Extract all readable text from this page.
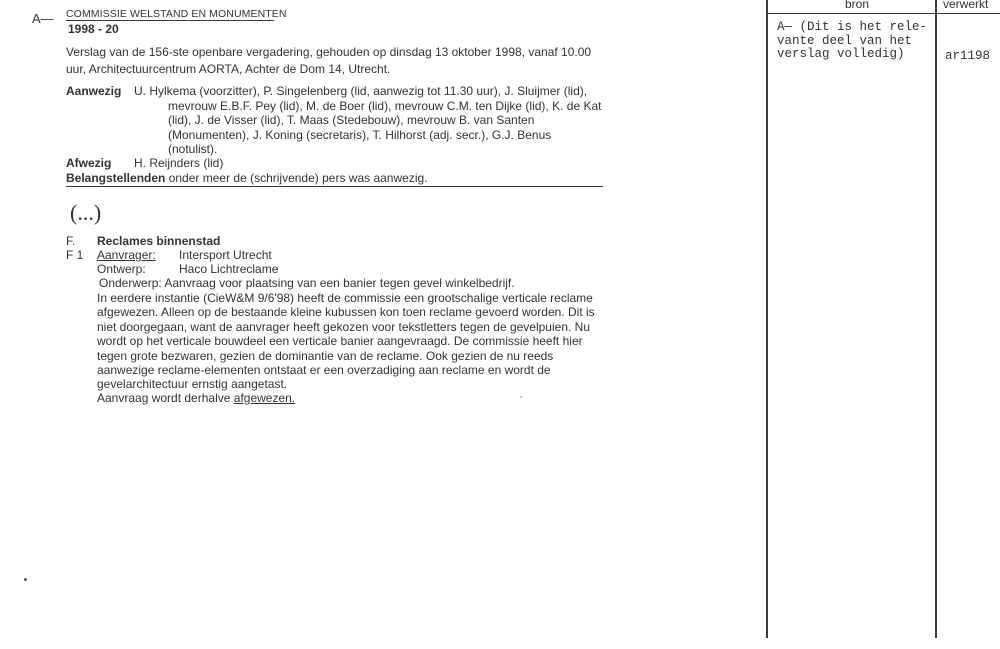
A— COMMISSIE WELSTAND EN MONUMENTEN
1998 - 20
Verslag van de 156-ste openbare vergadering, gehouden op dinsdag 13 oktober 1998, vanaf 10.00
uur, Architectuurcentrum AORTA, Achter de Dom 14, Utrecht.
Aanwezig U. Hylkema (voorzitter), P. Singelenberg (lid, aanwezig tot 11.30 uur), J. Sluijmer (lid),
mevrouw E.B.F. Pey (lid), M. de Boer (lid), mevrouw C.M. ten Dijke (lid), K. de Kat
(lid), J. de Visser (lid), T. Maas (Stedebouw), mevrouw B. van Santen
(Monumenten), J. Koning (secretaris), T. Hilhorst (adj. secr.), G.J. Benus
(notulist).
Afwezig H. Reijnders (lid)
Belangstellenden onder meer de (schrijvende) pers was aanwezig.
(...)
F. Reclames binnenstad
F 1 Aanvrager: Intersport Utrecht
Ontwerp:	Haco Lichtreclame
Onderwerp: Aanvraag voor plaatsing van een banier tegen gevel winkelbedrijf.
In eerdere instantie (CieW&M 9/6'98) heeft de commissie een grootschalige verticale reclame
afgewezen. Alleen op de bestaande kleine kubussen kon toen reclame gevoerd worden. Dit is
niet doorgegaan, want de aanvrager heeft gekozen voor tekstletters tegen de gevelpuien. Nu
wordt op het verticale bouwdeel een verticale banier aangevraagd. De commissie heeft hier
tegen grote bezwaren, gezien de dominantie van de reclame. Ook gezien de nu reeds
aanwezige reclame-elementen ontstaat er een overzadiging aan reclame en wordt de
gevelarchitectuur ernstig aangetast.
Aanvraag wordt derhalve afgewezen.
bron	verwerkt
A— (Dit is het rele-
vante deel van het
verslag volledig)	ar1198
